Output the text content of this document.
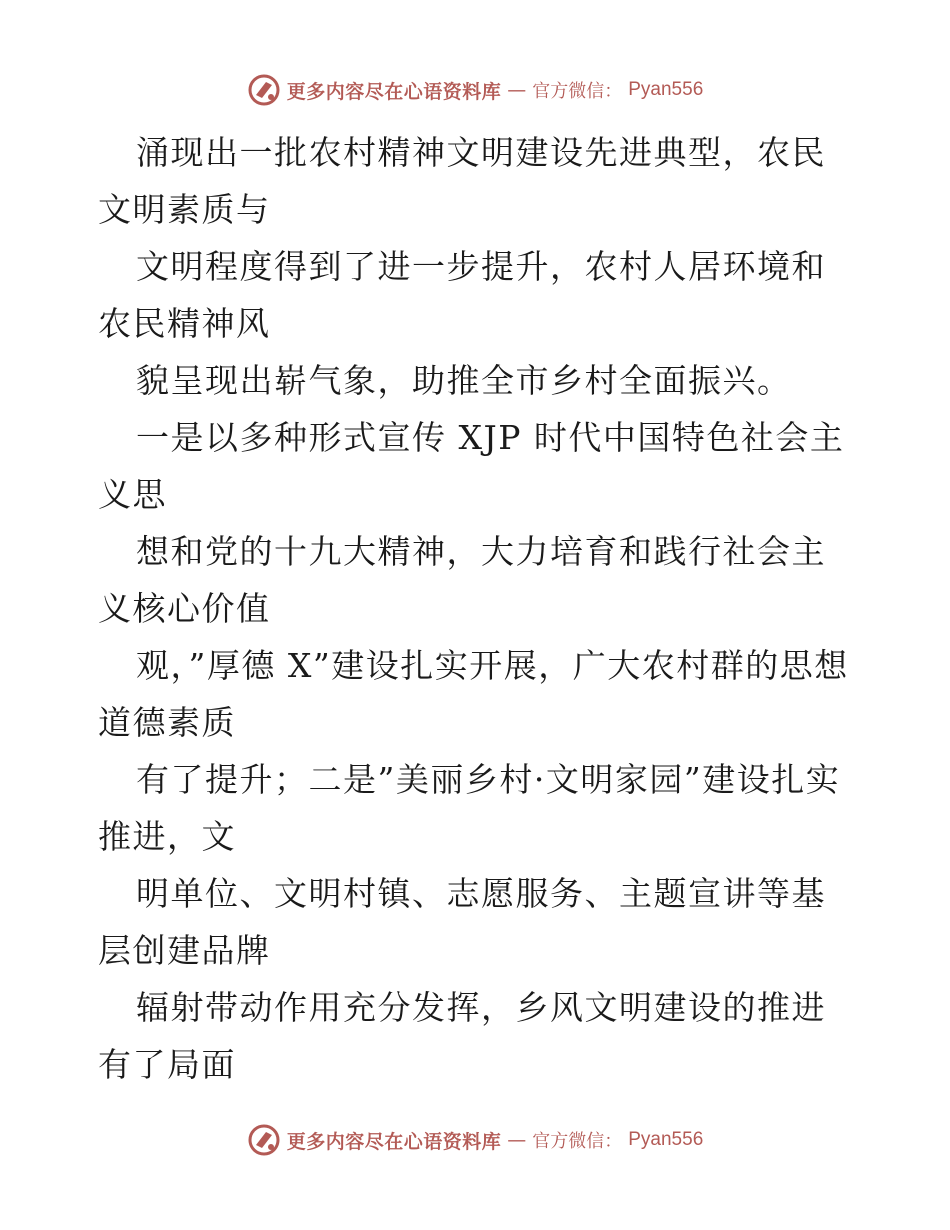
更多内容尽在心语资料库 — 官方微信： Pyan556

涌现出一批农村精神文明建设先进典型，农民文明素质与

文明程度得到了进一步提升，农村人居环境和农民精神风

貌呈现出崭气象，助推全市乡村全面振兴。

一是以多种形式宣传 XJP 时代中国特色社会主义思

想和党的十九大精神，大力培育和践行社会主义核心价值

观，”厚德 X”建设扎实开展，广大农村群的思想道德素质

有了提升；二是”美丽乡村·文明家园”建设扎实推进，文

明单位、文明村镇、志愿服务、主题宣讲等基层创建品牌

辐射带动作用充分发挥，乡风文明建设的推进有了局面

更多内容尽在心语资料库 — 官方微信： Pyan556
